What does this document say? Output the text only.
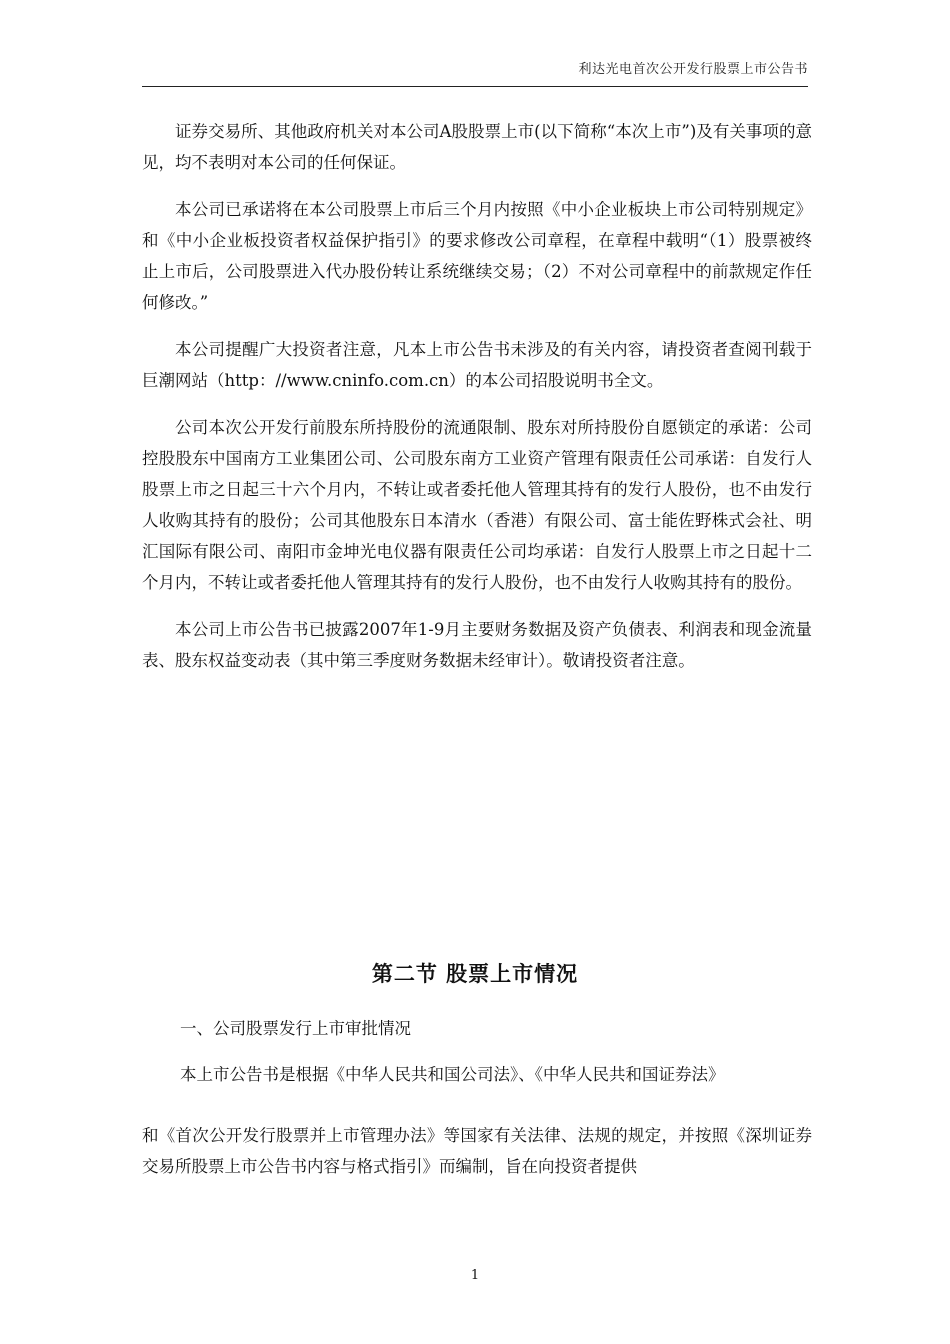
利达光电首次公开发行股票上市公告书

证券交易所、其他政府机关对本公司A股股票上市(以下简称“本次上市”)及有关事项的意见，均不表明对本公司的任何保证。

本公司已承诺将在本公司股票上市后三个月内按照《中小企业板块上市公司特别规定》和《中小企业板投资者权益保护指引》的要求修改公司章程，在章程中载明“（1）股票被终止上市后，公司股票进入代办股份转让系统继续交易；（2）不对公司章程中的前款规定作任何修改。”

本公司提醒广大投资者注意，凡本上市公告书未涉及的有关内容，请投资者查阅刊载于巨潮网站（http：//www.cninfo.com.cn）的本公司招股说明书全文。

公司本次公开发行前股东所持股份的流通限制、股东对所持股份自愿锁定的承诺：公司控股股东中国南方工业集团公司、公司股东南方工业资产管理有限责任公司承诺：自发行人股票上市之日起三十六个月内，不转让或者委托他人管理其持有的发行人股份，也不由发行人收购其持有的股份；公司其他股东日本清水（香港）有限公司、富士能佐野株式会社、明汇国际有限公司、南阳市金坤光电仪器有限责任公司均承诺：自发行人股票上市之日起十二个月内，不转让或者委托他人管理其持有的发行人股份，也不由发行人收购其持有的股份。

本公司上市公告书已披露2007年1-9月主要财务数据及资产负债表、利润表和现金流量表、股东权益变动表（其中第三季度财务数据未经审计）。敬请投资者注意。

第二节 股票上市情况
一、公司股票发行上市审批情况
本上市公告书是根据《中华人民共和国公司法》、《中华人民共和国证券法》
和《首次公开发行股票并上市管理办法》等国家有关法律、法规的规定，并按照《深圳证券交易所股票上市公告书内容与格式指引》而编制，旨在向投资者提供
1
